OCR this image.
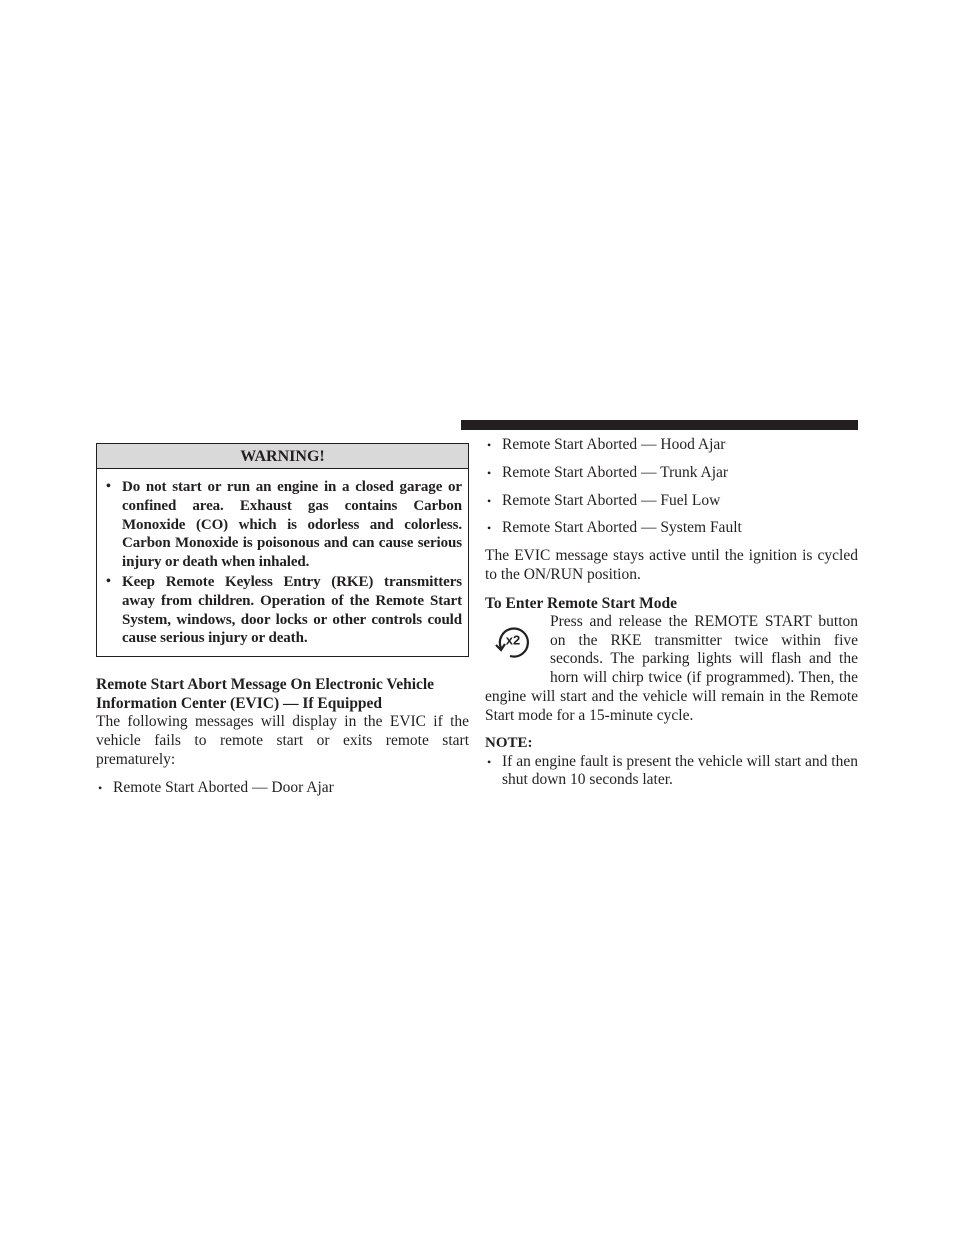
WARNING!
• Do not start or run an engine in a closed garage or confined area. Exhaust gas contains Carbon Monoxide (CO) which is odorless and colorless. Carbon Monoxide is poisonous and can cause serious injury or death when inhaled.
• Keep Remote Keyless Entry (RKE) transmitters away from children. Operation of the Remote Start System, windows, door locks or other controls could cause serious injury or death.
Remote Start Abort Message On Electronic Vehicle Information Center (EVIC) — If Equipped
The following messages will display in the EVIC if the vehicle fails to remote start or exits remote start prematurely:
• Remote Start Aborted — Door Ajar
• Remote Start Aborted — Hood Ajar
• Remote Start Aborted — Trunk Ajar
• Remote Start Aborted — Fuel Low
• Remote Start Aborted — System Fault
The EVIC message stays active until the ignition is cycled to the ON/RUN position.
To Enter Remote Start Mode
x2
Press and release the REMOTE START button on the RKE transmitter twice within five seconds. The parking lights will flash and the horn will chirp twice (if programmed). Then, the engine will start and the vehicle will remain in the Remote Start mode for a 15-minute cycle.
NOTE:
• If an engine fault is present the vehicle will start and then shut down 10 seconds later.
